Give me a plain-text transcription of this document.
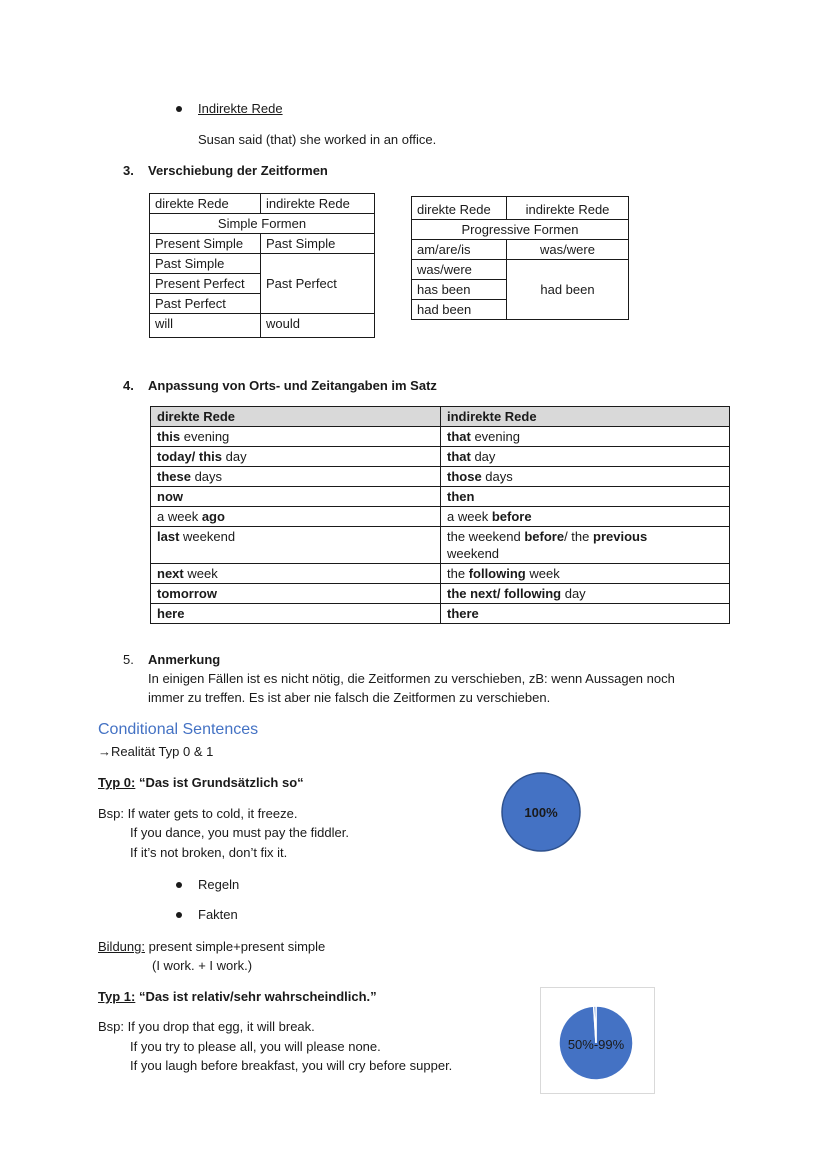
Indirekte Rede
Susan said (that) she worked in an office.
3. Verschiebung der Zeitformen
direkte Rede	indirekte Rede
Simple Formen	
Present Simple	Past Simple
Past Simple	Past Perfect
Present Perfect	
Past Perfect	
will	would
direkte Rede	indirekte Rede
Progressive Formen	
am/are/is	was/were
was/were	had been
has been	
had been	
4. Anpassung von Orts- und Zeitangaben im Satz
direkte Rede	indirekte Rede
this evening	that evening
today/ this day	that day
these days	those days
now	then
a week ago	a week before
last weekend	the weekend before/ the previous
weekend
next week	the following week
tomorrow	the next/ following day
here	there
5. Anmerkung
In einigen Fällen ist es nicht nötig, die Zeitformen zu verschieben, zB: wenn Aussagen noch
immer zu treffen. Es ist aber nie falsch die Zeitformen zu verschieben.
Conditional Sentences
→Realität Typ 0 & 1
Typ 0: “Das ist Grundsätzlich so“
Bsp: If water gets to cold, it freeze.
If you dance, you must pay the fiddler.
If it’s not broken, don’t fix it.
Regeln
Fakten
Bildung: present simple+present simple
(I work. + I work.)
100%
Typ 1: “Das ist relativ/sehr wahrscheindlich.”
Bsp: If you drop that egg, it will break.
If you try to please all, you will please none.
If you laugh before breakfast, you will cry before supper.
50%-99%
